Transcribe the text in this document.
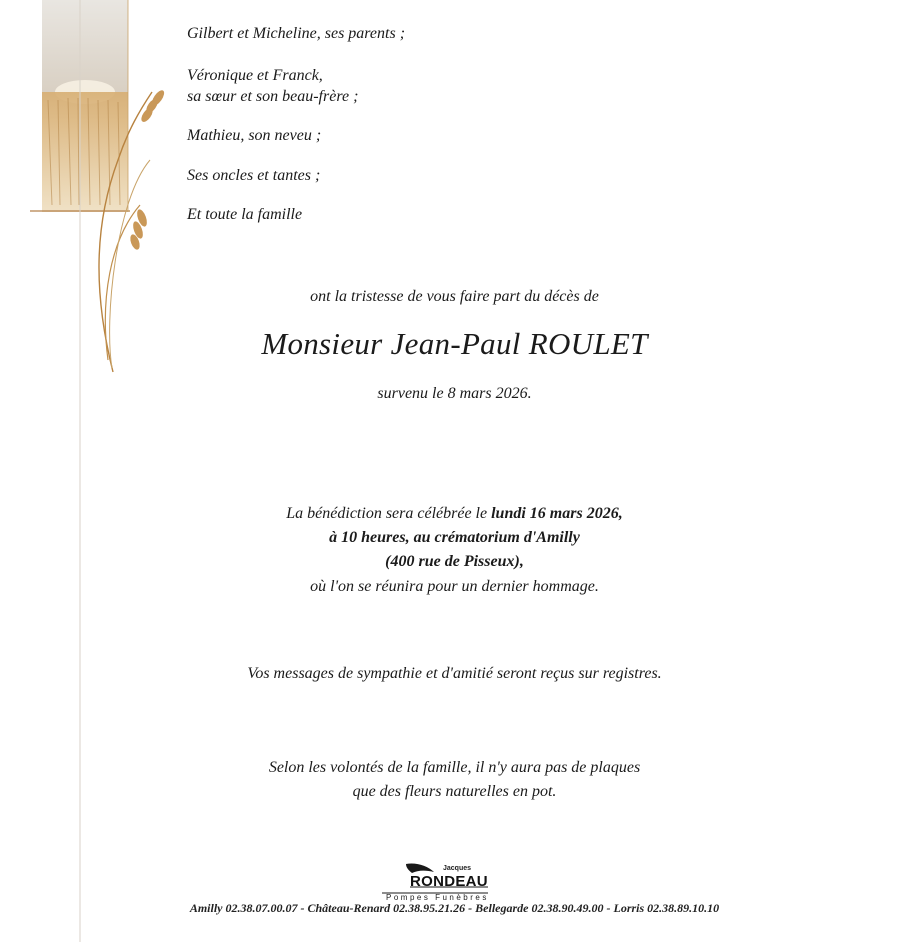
Gilbert et Micheline, ses parents ;
Véronique et Franck,
sa sœur et son beau-frère ;
Mathieu, son neveu ;
Ses oncles et tantes ;
Et toute la famille
ont la tristesse de vous faire part du décès de
Monsieur Jean-Paul ROULET
survenu le 8 mars 2026.
La bénédiction sera célébrée le lundi 16 mars 2026,
à 10 heures, au crématorium d'Amilly
(400 rue de Pisseux),
où l'on se réunira pour un dernier hommage.
Vos messages de sympathie et d'amitié seront reçus sur registres.
Selon les volontés de la famille, il n'y aura pas de plaques
que des fleurs naturelles en pot.
Jacques
RONDEAU
Pompes Funèbres
Amilly 02.38.07.00.07 - Château-Renard 02.38.95.21.26 - Bellegarde 02.38.90.49.00 - Lorris 02.38.89.10.10
